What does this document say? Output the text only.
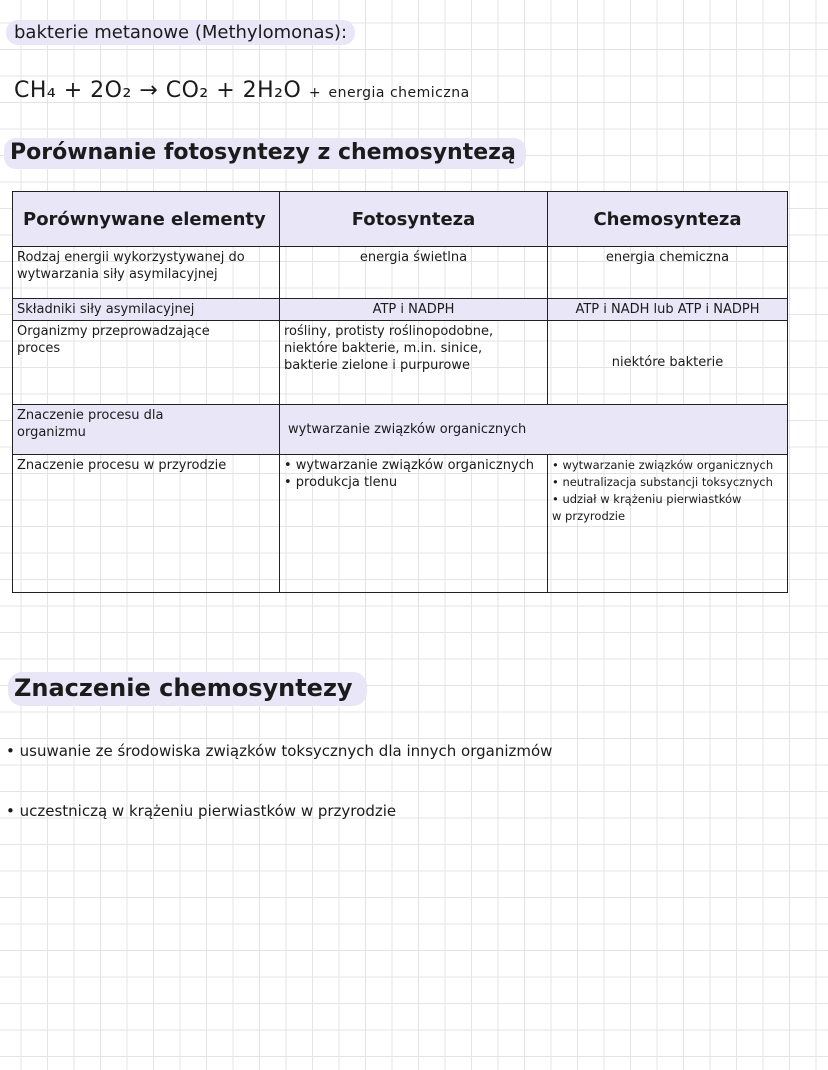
bakterie metanowe (Methylomonas):
CH₄ + 2O₂ → CO₂ + 2H₂O + energia chemiczna
Porównanie fotosyntezy z chemosyntezą
Porównywane elementy	Fotosynteza	Chemosynteza

Rodzaj energii wykorzystywanej do
wytwarzania siły asymilacyjnej	energia świetlna	energia chemiczna

Składniki siły asymilacyjnej	ATP i NADPH	ATP i NADH lub ATP i NADPH

Organizmy przeprowadzające
proces	rośliny, protisty roślinopodobne,
niektóre bakterie, m.in. sinice,
bakterie zielone i purpurowe	niektóre bakterie

Znaczenie procesu dla
organizmu	wytwarzanie związków organicznych	

Znaczenie procesu w przyrodzie	• wytwarzanie związków organicznych
• produkcja tlenu	• wytwarzanie związków organicznych
• neutralizacja substancji toksycznych
• udział w krążeniu pierwiastków
w przyrodzie
Znaczenie chemosyntezy
• usuwanie ze środowiska związków toksycznych dla innych organizmów
• uczestniczą w krążeniu pierwiastków w przyrodzie
